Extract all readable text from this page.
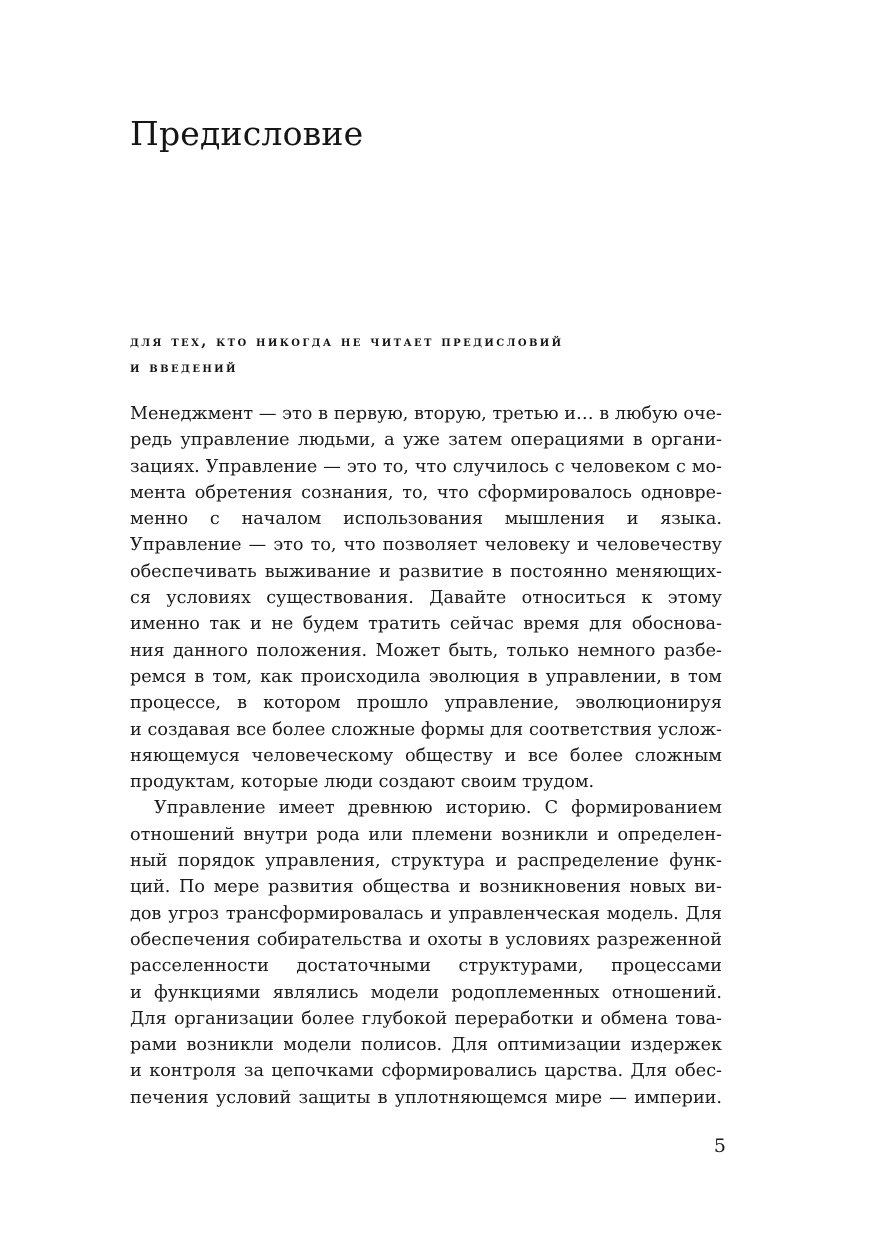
Предисловие
для тех, кто никогда не читает предисловий
и введений

Менеджмент — это в первую, вторую, третью и… в любую оче-
редь управление людьми, а уже затем операциями в органи-
зациях. Управление — это то, что случилось с человеком с мо-
мента обретения сознания, то, что сформировалось одновре-
менно с началом использования мышления и языка.
Управление — это то, что позволяет человеку и человечеству
обеспечивать выживание и развитие в постоянно меняющих-
ся условиях существования. Давайте относиться к этому
именно так и не будем тратить сейчас время для обоснова-
ния данного положения. Может быть, только немного разбе-
ремся в том, как происходила эволюция в управлении, в том
процессе, в котором прошло управление, эволюционируя
и создавая все более сложные формы для соответствия услож-
няющемуся человеческому обществу и все более сложным
продуктам, которые люди создают своим трудом.

Управление имеет древнюю историю. С формированием
отношений внутри рода или племени возникли и определен-
ный порядок управления, структура и распределение функ-
ций. По мере развития общества и возникновения новых ви-
дов угроз трансформировалась и управленческая модель. Для
обеспечения собирательства и охоты в условиях разреженной
расселенности достаточными структурами, процессами
и функциями являлись модели родоплеменных отношений.
Для организации более глубокой переработки и обмена това-
рами возникли модели полисов. Для оптимизации издержек
и контроля за цепочками сформировались царства. Для обес-
печения условий защиты в уплотняющемся мире — империи.

5
